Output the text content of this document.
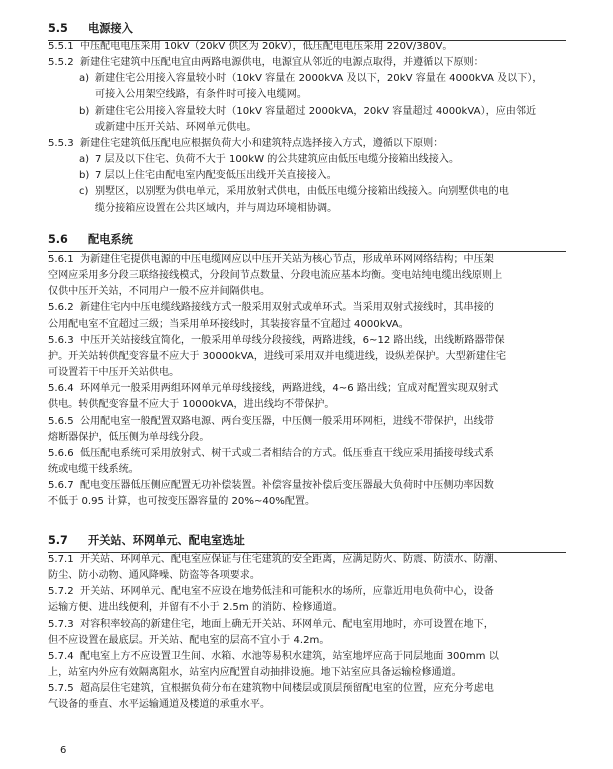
5.5 电源接入
5.5.1 中压配电电压采用 10kV（20kV 供区为 20kV），低压配电电压采用 220V/380V。
5.5.2 新建住宅建筑中压配电宜由两路电源供电，电源宜从邻近的电源点取得，并遵循以下原则：
a) 新建住宅公用接入容量较小时（10kV 容量在 2000kVA 及以下，20kV 容量在 4000kVA 及以下），
可接入公用架空线路，有条件时可接入电缆网。
b) 新建住宅公用接入容量较大时（10kV 容量超过 2000kVA，20kV 容量超过 4000kVA），应由邻近
或新建中压开关站、环网单元供电。
5.5.3 新建住宅建筑低压配电应根据负荷大小和建筑特点选择接入方式，遵循以下原则：
a) 7 层及以下住宅、负荷不大于 100kW 的公共建筑应由低压电缆分接箱出线接入。
b) 7 层以上住宅由配电室内配变低压出线开关直接接入。
c) 别墅区，以别墅为供电单元，采用放射式供电，由低压电缆分接箱出线接入。向别墅供电的电
缆分接箱应设置在公共区域内，并与周边环境相协调。
5.6 配电系统
5.6.1 为新建住宅提供电源的中压电缆网应以中压开关站为核心节点，形成单环网网络结构；中压架
空网应采用多分段三联络接线模式，分段间节点数量、分段电流应基本均衡。变电站纯电缆出线原则上
仅供中压开关站，不同用户一般不应并间隔供电。
5.6.2 新建住宅内中压电缆线路接线方式一般采用双射式或单环式。当采用双射式接线时，其串接的
公用配电室不宜超过三级；当采用单环接线时，其装接容量不宜超过 4000kVA。
5.6.3 中压开关站接线宜简化，一般采用单母线分段接线，两路进线，6~12 路出线，出线断路器带保
护。开关站转供配变容量不应大于 30000kVA，进线可采用双并电缆进线，设纵差保护。大型新建住宅
可设置若干中压开关站供电。
5.6.4 环网单元一般采用两组环网单元单母线接线，两路进线，4~6 路出线；宜成对配置实现双射式
供电。转供配变容量不应大于 10000kVA，进出线均不带保护。
5.6.5 公用配电室一般配置双路电源、两台变压器，中压侧一般采用环网柜，进线不带保护，出线带
熔断器保护，低压侧为单母线分段。
5.6.6 低压配电系统可采用放射式、树干式或二者相结合的方式。低压垂直干线应采用插接母线式系
统或电缆干线系统。
5.6.7 配电变压器低压侧应配置无功补偿装置。补偿容量按补偿后变压器最大负荷时中压侧功率因数
不低于 0.95 计算，也可按变压器容量的 20%~40%配置。
5.7 开关站、环网单元、配电室选址
5.7.1 开关站、环网单元、配电室应保证与住宅建筑的安全距离，应满足防火、防震、防渍水、防潮、
防尘、防小动物、通风降噪、防盗等各项要求。
5.7.2 开关站、环网单元、配电室不应设在地势低洼和可能积水的场所，应靠近用电负荷中心，设备
运输方便、进出线便利，并留有不小于 2.5m 的消防、检修通道。
5.7.3 对容积率较高的新建住宅，地面上确无开关站、环网单元、配电室用地时，亦可设置在地下，
但不应设置在最底层。开关站、配电室的层高不宜小于 4.2m。
5.7.4 配电室上方不应设置卫生间、水箱、水池等易积水建筑，站室地坪应高于同层地面 300mm 以
上，站室内外应有效隔离阻水，站室内应配置自动抽排设施。地下站室应具备运输检修通道。
5.7.5 超高层住宅建筑，宜根据负荷分布在建筑物中间楼层或顶层预留配电室的位置，应充分考虑电
气设备的垂直、水平运输通道及楼道的承重水平。
6
